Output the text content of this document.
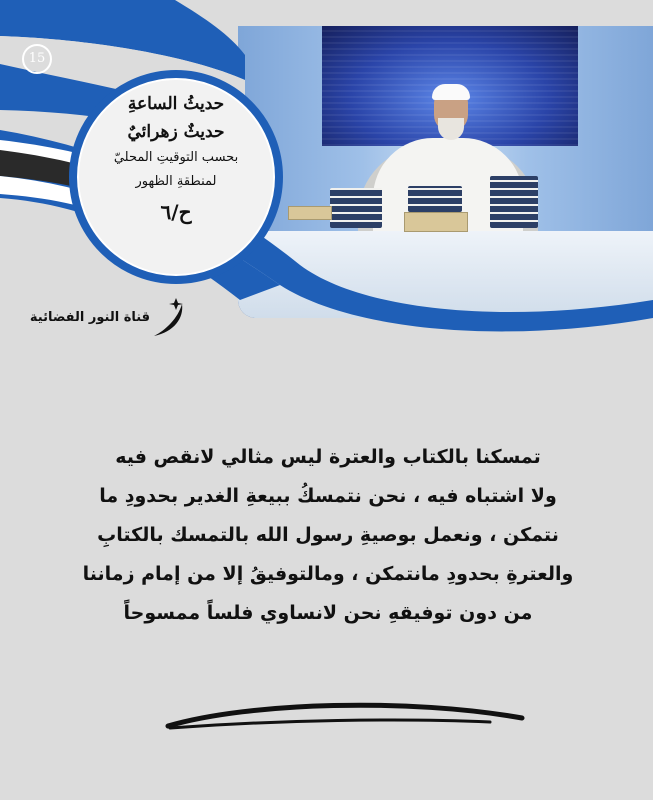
15
حديثُ الساعةِ
حديثٌ زهرائيٌ
بحسب التوقيتِ المحليّ
لمنطقةِ الظهور
ح/٦
قناة النور الفضائية
تمسكنا بالكتاب والعترة ليس مثالي لانقص فيه
ولا اشتباه فيه ، نحن نتمسكُ ببيعةِ الغدير بحدودِ ما
نتمكن ، ونعمل بوصيةِ رسول الله بالتمسك بالكتابِ
والعترةِ بحدودِ مانتمكن ، ومالتوفيقُ إلا من إمام زماننا
من دون توفيقهِ نحن لانساوي فلساً ممسوحاً
